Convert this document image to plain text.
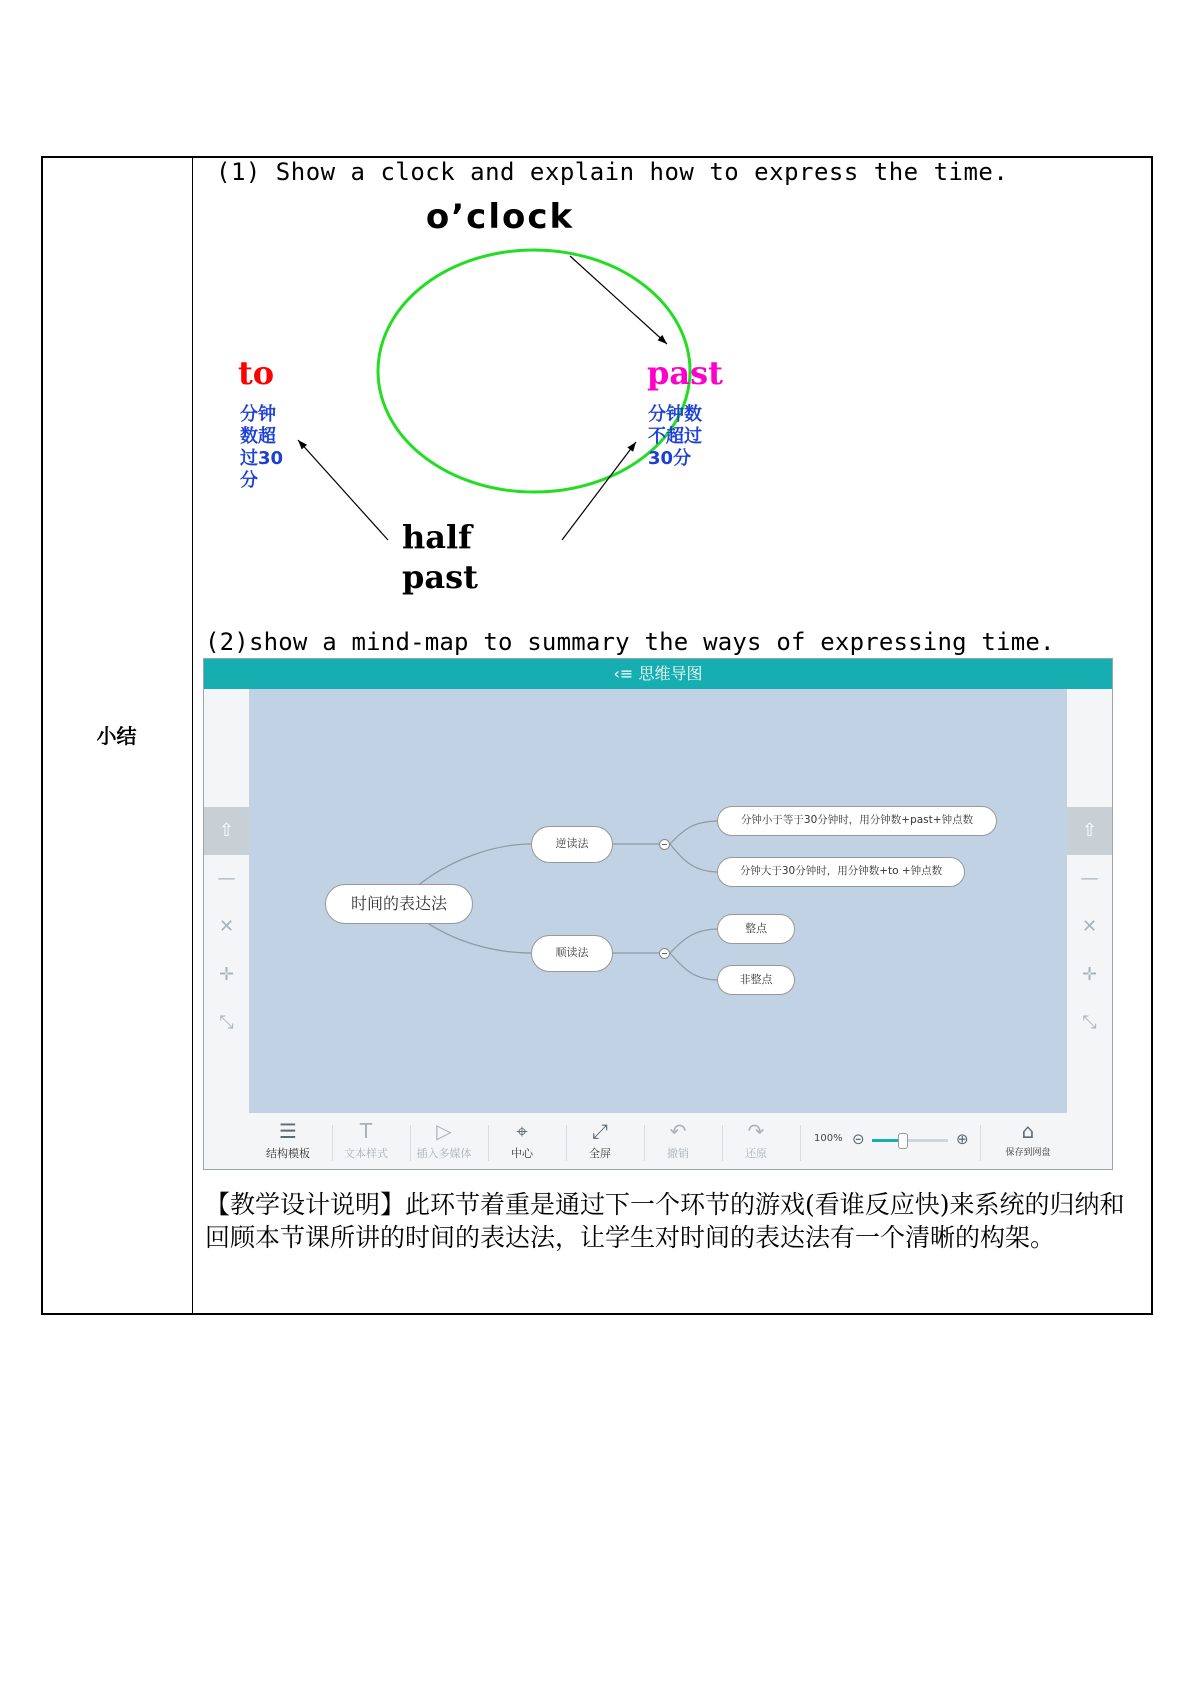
小结
(1) Show a clock and explain how to express the time.
o’clock
to
分钟
数超
过30
分
past
分钟数
不超过
30分
half
past
(2)show a mind-map to summary the ways of expressing time.
‹≡ 思维导图
⇧
—
✕
✛
⤡
⇧
—
✕
✛
⤡
时间的表达法
逆读法
顺读法
分钟小于等于30分钟时，用分钟数+past+钟点数
分钟大于30分钟时，用分钟数+to +钟点数
整点
非整点
☰
结构模板
T
文本样式
▷
插入多媒体
⌖
中心
⤢
全屏
↶
撤销
↷
还原
100% ⊝	⊕	⌂
保存到网盘
【教学设计说明】此环节着重是通过下一个环节的游戏(看谁反应快)来系统的归纳和回顾本节课所讲的时间的表达法，让学生对时间的表达法有一个清晰的构架。
